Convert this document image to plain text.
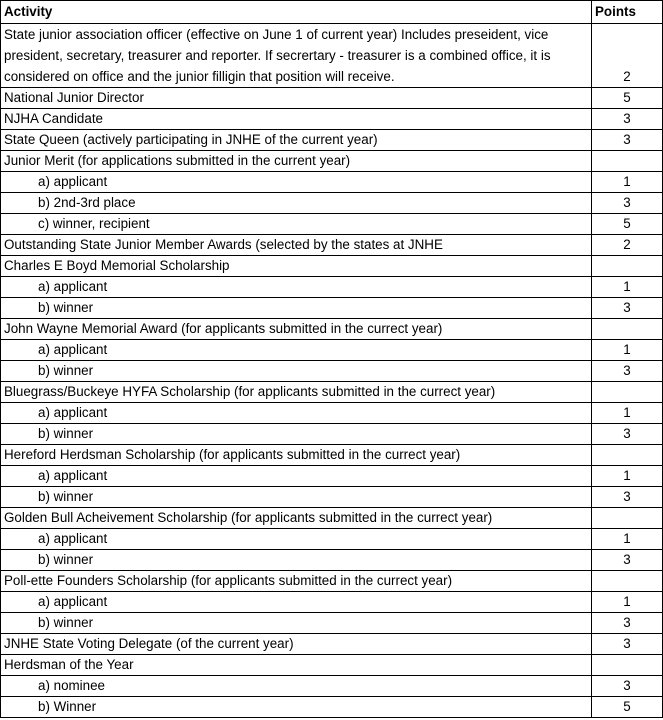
Activity	Points
State junior association officer (effective on June 1 of current year) Includes preseident, vice president, secretary, treasurer and reporter. If secrertary - treasurer is a combined office, it is considered on office and the junior filligin that position will receive.	2
National Junior Director	5
NJHA Candidate	3
State Queen (actively participating in JNHE of the current year)	3
Junior Merit (for applications submitted in the current year)	
a) applicant	1
b) 2nd-3rd place	3
c) winner, recipient	5
Outstanding State Junior Member Awards (selected by the states at JNHE	2
Charles E Boyd Memorial Scholarship	
a) applicant	1
b) winner	3
John Wayne Memorial Award (for applicants submitted in the currect year)	
a) applicant	1
b) winner	3
Bluegrass/Buckeye HYFA Scholarship (for applicants submitted in the currect year)	
a) applicant	1
b) winner	3
Hereford Herdsman Scholarship (for applicants submitted in the currect year)	
a) applicant	1
b) winner	3
Golden Bull Acheivement Scholarship (for applicants submitted in the currect year)	
a) applicant	1
b) winner	3
Poll-ette Founders Scholarship (for applicants submitted in the currect year)	
a) applicant	1
b) winner	3
JNHE State Voting Delegate (of the current year)	3
Herdsman of the Year	
a) nominee	3
b) Winner	5
